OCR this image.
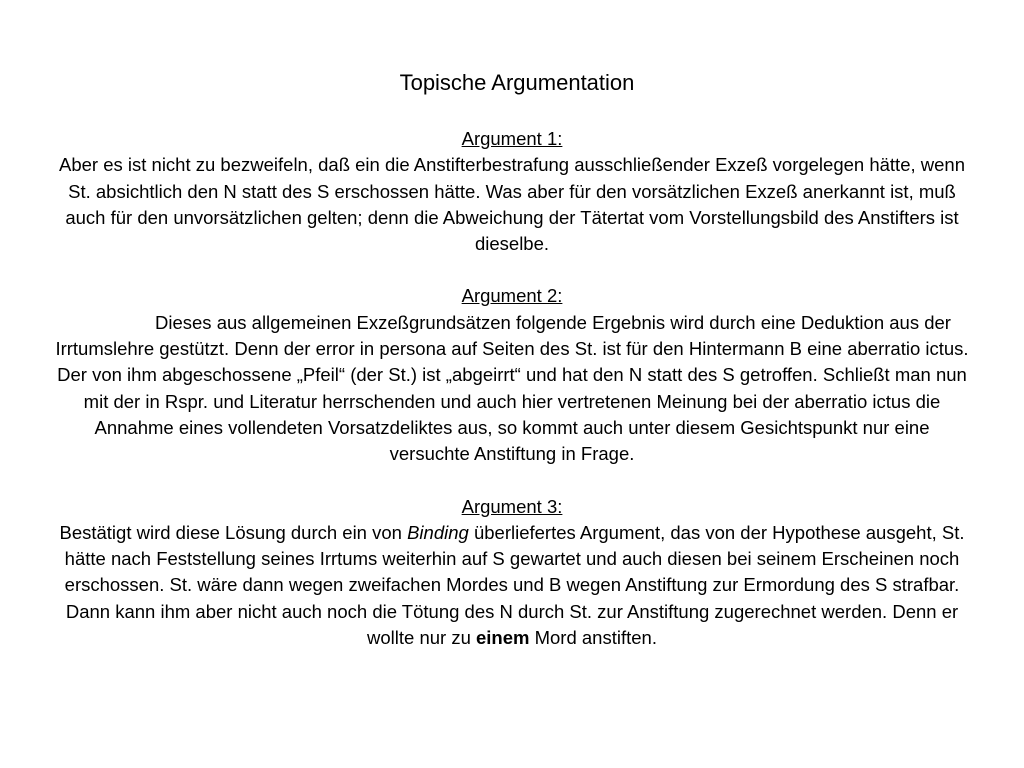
Topische Argumentation
Argument 1:
Aber es ist nicht zu bezweifeln, daß ein die Anstifterbestrafung ausschließender Exzeß vorgelegen hätte, wenn St. absichtlich den N statt des S erschossen hätte. Was aber für den vorsätzlichen Exzeß anerkannt ist, muß auch für den unvorsätzlichen gelten; denn die Abweichung der Tätertat vom Vorstellungsbild des Anstifters ist dieselbe.
Argument 2:
Dieses aus allgemeinen Exzeßgrundsätzen folgende Ergebnis wird durch eine Deduktion aus der Irrtumslehre gestützt. Denn der error in persona auf Seiten des St. ist für den Hintermann B eine aberratio ictus. Der von ihm abgeschossene „Pfeil“ (der St.) ist „abgeirrt“ und hat den N statt des S getroffen. Schließt man nun mit der in Rspr. und Literatur herrschenden und auch hier vertretenen Meinung bei der aberratio ictus die Annahme eines vollendeten Vorsatzdeliktes aus, so kommt auch unter diesem Gesichtspunkt nur eine versuchte Anstiftung in Frage.
Argument 3:
Bestätigt wird diese Lösung durch ein von Binding überliefertes Argument, das von der Hypothese ausgeht, St. hätte nach Feststellung seines Irrtums weiterhin auf S gewartet und auch diesen bei seinem Erscheinen noch erschossen. St. wäre dann wegen zweifachen Mordes und B wegen Anstiftung zur Ermordung des S strafbar. Dann kann ihm aber nicht auch noch die Tötung des N durch St. zur Anstiftung zugerechnet werden. Denn er wollte nur zu einem Mord anstiften.
